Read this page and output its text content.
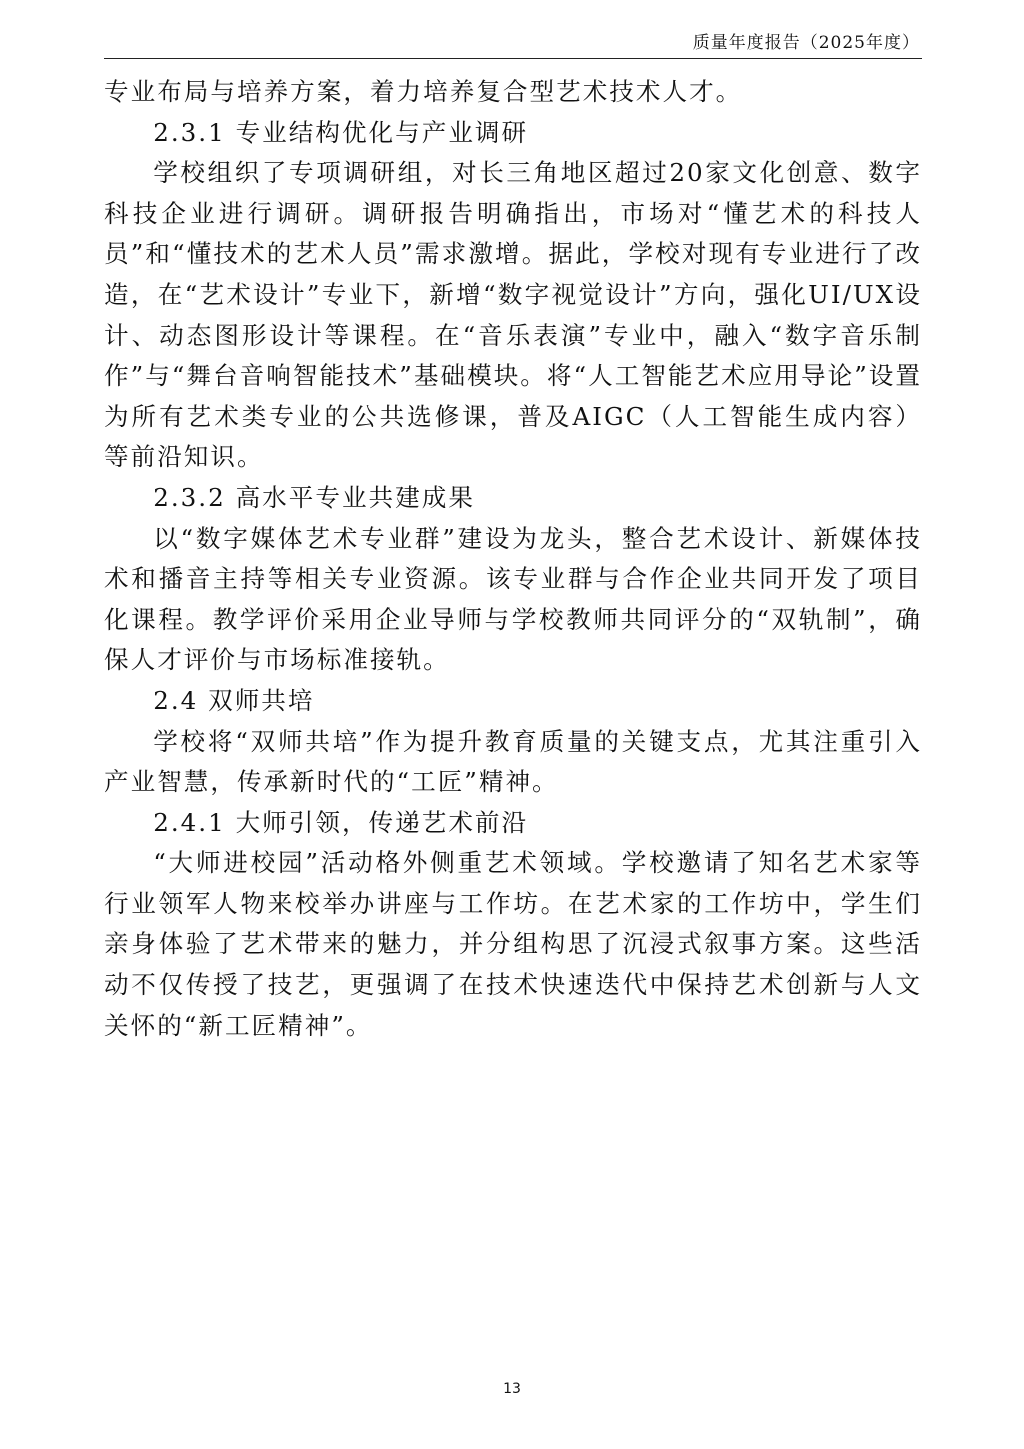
质量年度报告（2025年度）

专业布局与培养方案，着力培养复合型艺术技术人才。

2.3.1 专业结构优化与产业调研

学校组织了专项调研组，对长三角地区超过20家文化创意、数字科技企业进行调研。调研报告明确指出，市场对“懂艺术的科技人员”和“懂技术的艺术人员”需求激增。据此，学校对现有专业进行了改造，在“艺术设计”专业下，新增“数字视觉设计”方向，强化UI/UX设计、动态图形设计等课程。在“音乐表演”专业中，融入“数字音乐制作”与“舞台音响智能技术”基础模块。将“人工智能艺术应用导论”设置为所有艺术类专业的公共选修课，普及AIGC（人工智能生成内容）等前沿知识。

2.3.2 高水平专业共建成果

以“数字媒体艺术专业群”建设为龙头，整合艺术设计、新媒体技术和播音主持等相关专业资源。该专业群与合作企业共同开发了项目化课程。教学评价采用企业导师与学校教师共同评分的“双轨制”，确保人才评价与市场标准接轨。

2.4 双师共培

学校将“双师共培”作为提升教育质量的关键支点，尤其注重引入产业智慧，传承新时代的“工匠”精神。

2.4.1 大师引领，传递艺术前沿

“大师进校园”活动格外侧重艺术领域。学校邀请了知名艺术家等行业领军人物来校举办讲座与工作坊。在艺术家的工作坊中，学生们亲身体验了艺术带来的魅力，并分组构思了沉浸式叙事方案。这些活动不仅传授了技艺，更强调了在技术快速迭代中保持艺术创新与人文关怀的“新工匠精神”。

13
